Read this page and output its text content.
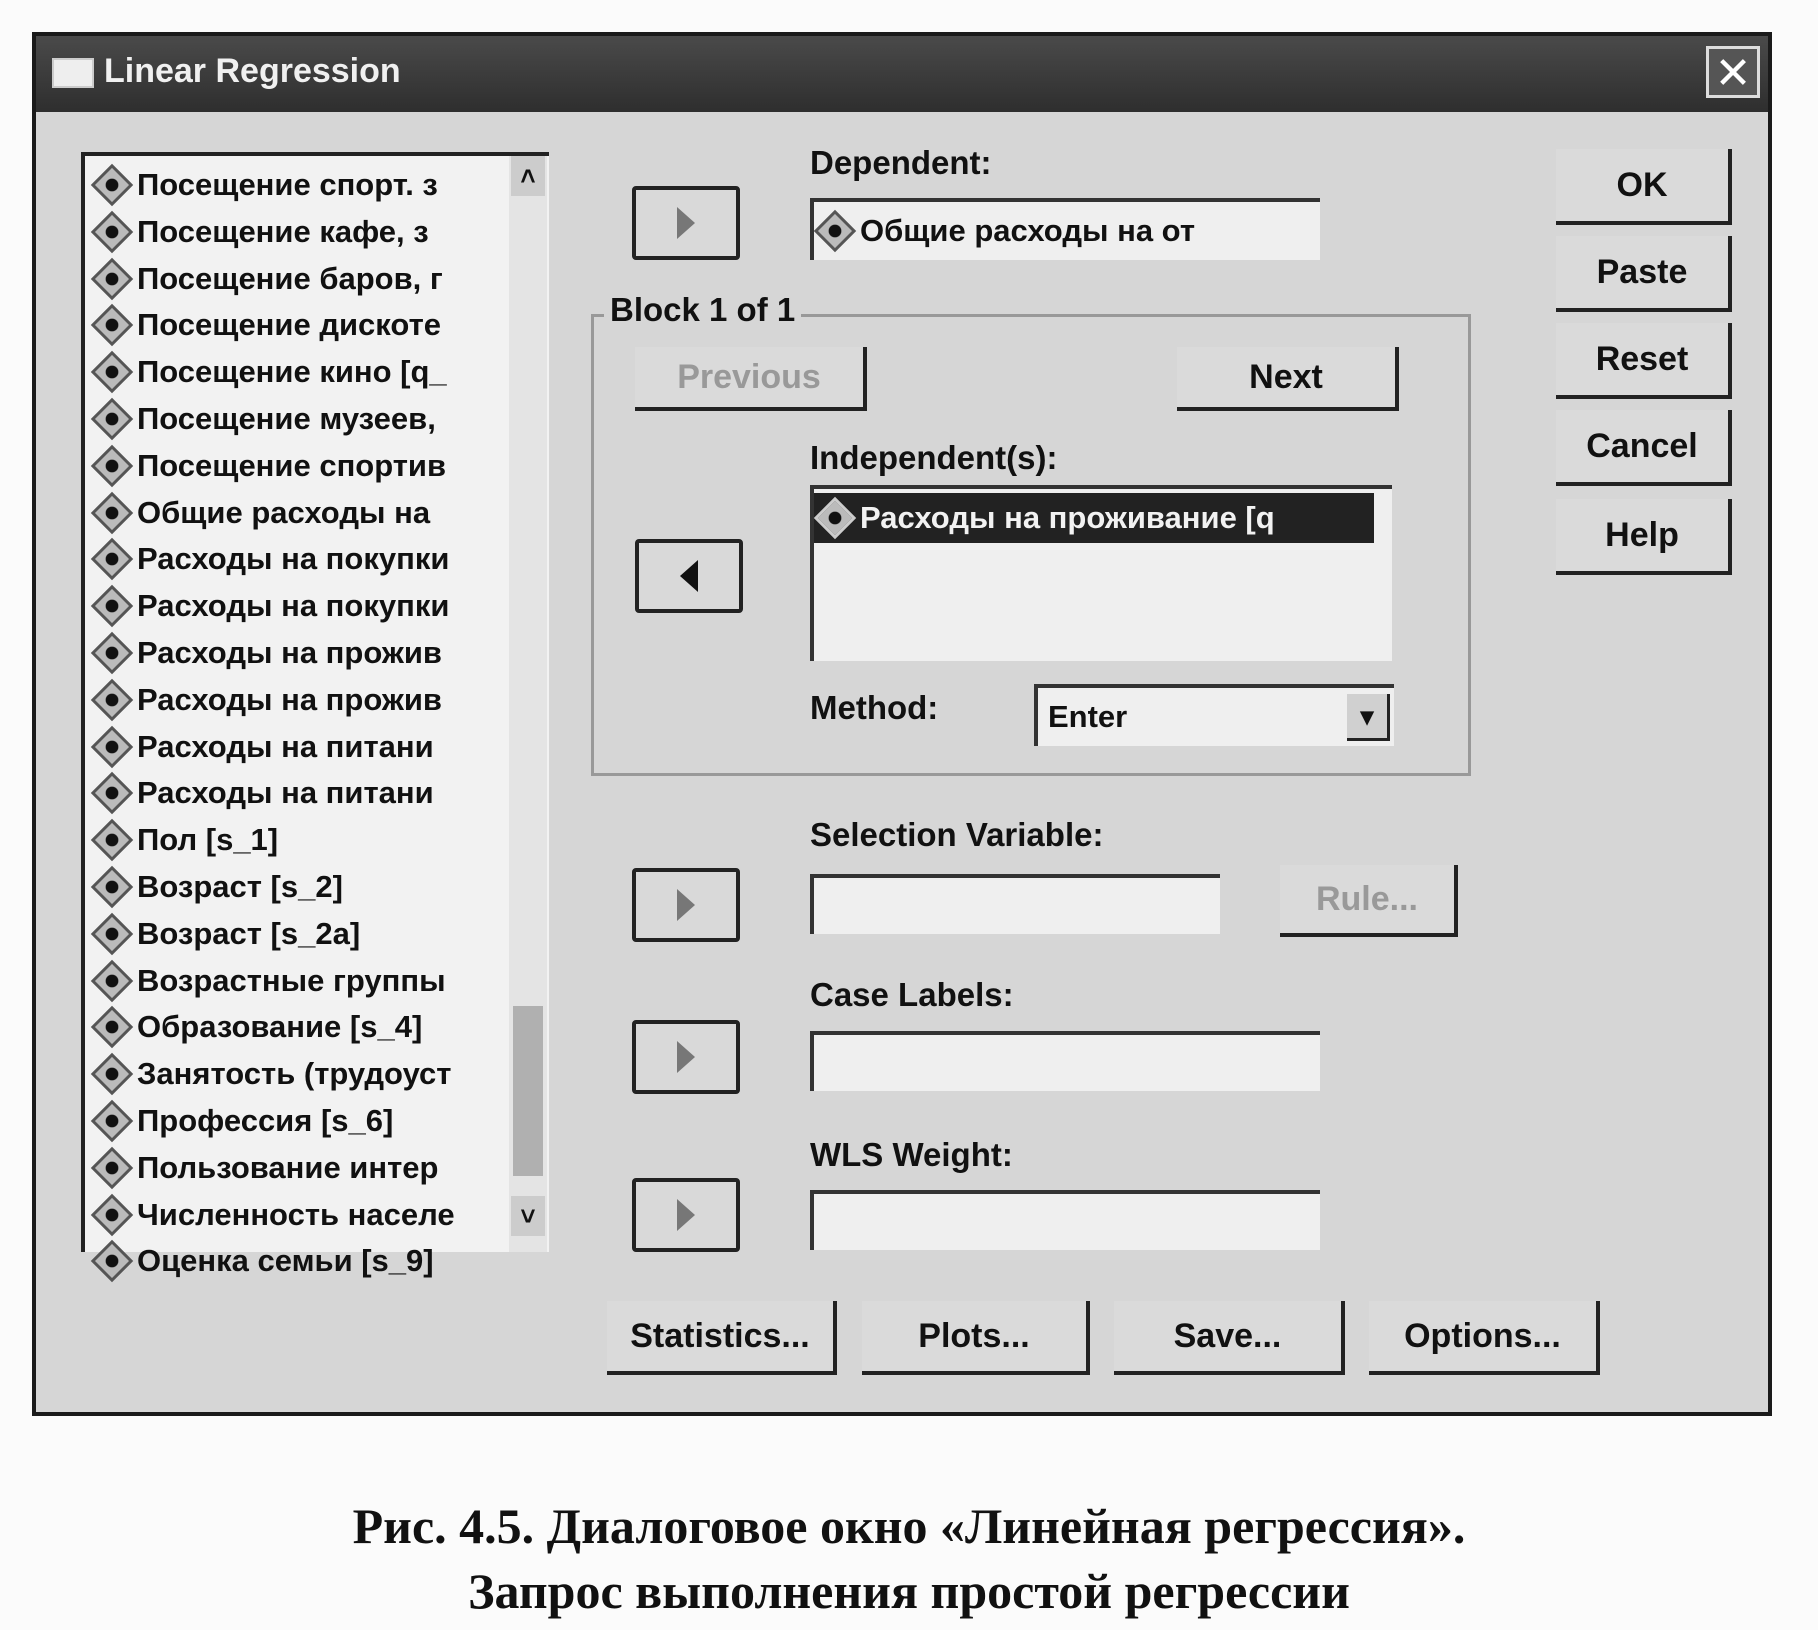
Linear Regression	✕
Посещение спорт. з
Посещение кафе, з
Посещение баров, г
Посещение дискоте
Посещение кино [q_
Посещение музеев,
Посещение спортив
Общие расходы на
Расходы на покупки
Расходы на покупки
Расходы на прожив
Расходы на прожив
Расходы на питани
Расходы на питани
Пол [s_1]
Возраст [s_2]
Возраст [s_2a]
Возрастные группы
Образование [s_4]
Занятость (трудоуст
Профессия [s_6]
Пользование интер
Численность населе
Оценка семьи [s_9]
˄
˅
Dependent:
Общие расходы на от
Block 1 of 1
Previous	Next
Independent(s):
Расходы на проживание [q
Method:	Enter	▾
Selection Variable:
Rule...
Case Labels:
WLS Weight:
OK
Paste
Reset
Cancel
Help
Statistics...	Plots...	Save...	Options...
Рис. 4.5. Диалоговое окно «Линейная регрессия».
Запрос выполнения простой регрессии
